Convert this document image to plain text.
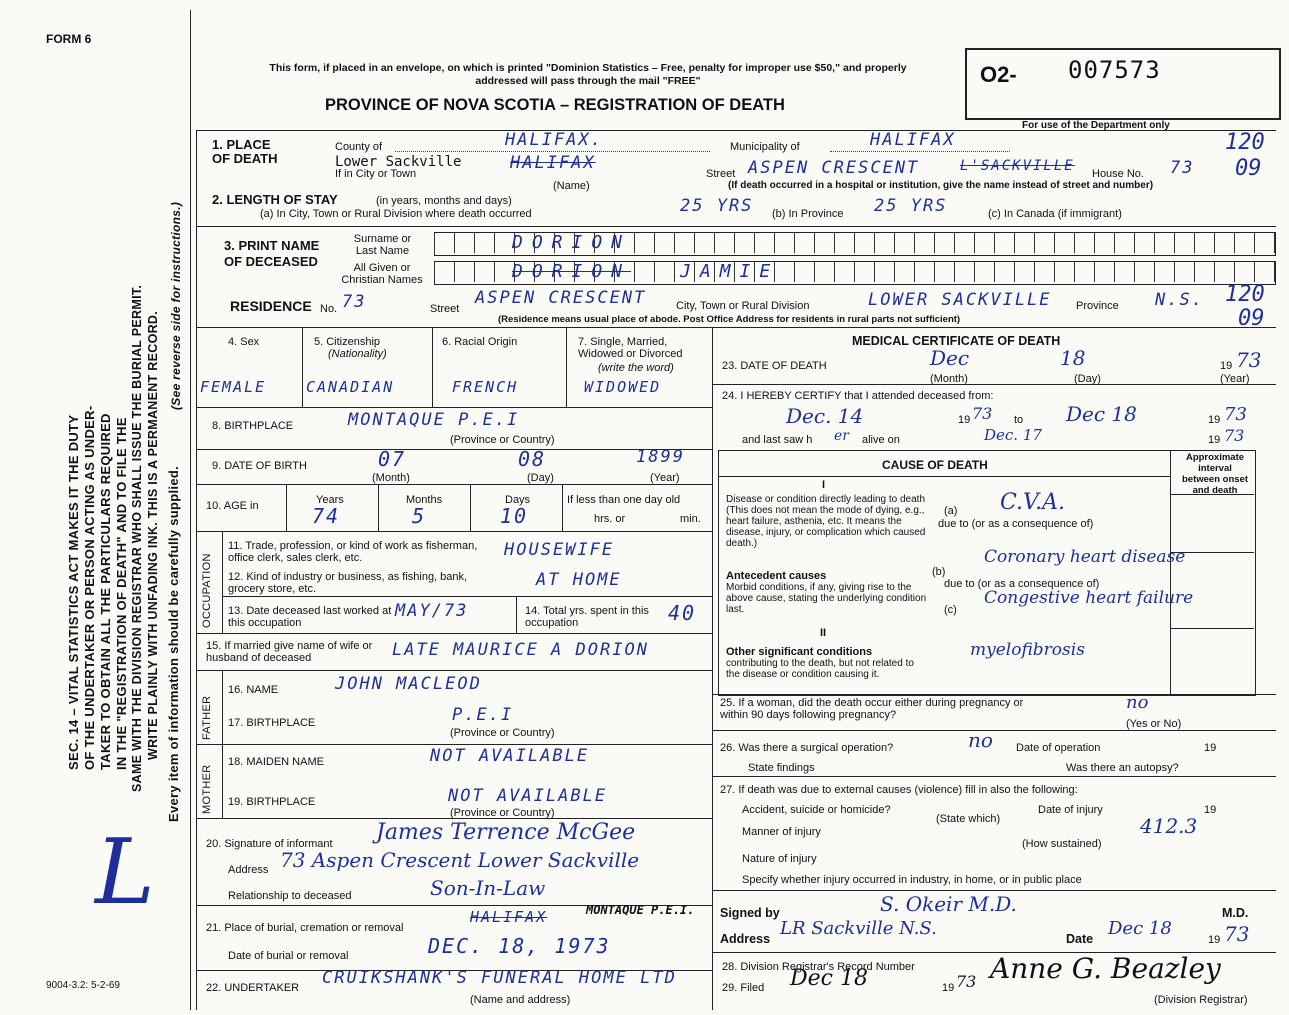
FORM 6
9004-3.2: 5-2-69
SEC. 14 – VITAL STATISTICS ACT MAKES IT THE DUTY OF THE UNDERTAKER OR PERSON ACTING AS UNDER- TAKER TO OBTAIN ALL THE PARTICULARS REQUIRED IN THE "REGISTRATION OF DEATH" AND TO FILE THE SAME WITH THE DIVISION REGISTRAR WHO SHALL ISSUE THE BURIAL PERMIT. WRITE PLAINLY WITH UNFADING INK. THIS IS A PERMANENT RECORD. Every item of information should be carefully supplied.
(See reverse side for instructions.)
L
This form, if placed in an envelope, on which is printed "Dominion Statistics – Free, penalty for improper use $50," and properly addressed will pass through the mail "FREE"
PROVINCE OF NOVA SCOTIA – REGISTRATION OF DEATH
O2- 007573
For use of the Department only
1. PLACE OF DEATH
County of
Lower Sackville
If in City or Town
(Name)
HALIFAX.
HALIFAX
Municipality of	HALIFAX
Street ASPEN CRESCENT	L'SACKVILLE House No. 73
(If death occurred in a hospital or institution, give the name instead of street and number)
120
09
2. LENGTH OF STAY	(in years, months and days)
(a) In City, Town or Rural Division where death occurred	25 YRS (b) In Province 25 YRS	(c) In Canada (if immigrant)
3. PRINT NAME OF DECEASED
Surname or Last Name
All Given or Christian Names
DORION
DORION	JAMIE
RESIDENCE No. 73	Street
ASPEN CRESCENT	City, Town or Rural Division	LOWER SACKVILLE Province N.S. 120
09
(Residence means usual place of abode. Post Office Address for residents in rural parts not sufficient)
4. Sex	5. Citizenship
(Nationality)
6. Racial Origin	7. Single, Married, Widowed or Divorced
(write the word)
FEMALE	CANADIAN	FRENCH	WIDOWED
8. BIRTHPLACE	MONTAQUE P.E.I
(Province or Country)
9. DATE OF BIRTH	07	08	1899
(Month)	(Day)	(Year)
10. AGE in	Years	Months	Days	If less than one day old
hrs. or	min.
74	5	10
OCCUPATION
11. Trade, profession, or kind of work as fisherman, office clerk, sales clerk, etc.	HOUSEWIFE
12. Kind of industry or business, as fishing, bank, grocery store, etc.	AT HOME
13. Date deceased last worked at this occupation
MAY/73	14. Total yrs. spent in this occupation	40
15. If married give name of wife or husband of deceased	LATE MAURICE A DORION
FATHER
MOTHER
16. NAME	JOHN MACLEOD
17. BIRTHPLACE	P.E.I
(Province or Country)
18. MAIDEN NAME	NOT AVAILABLE
19. BIRTHPLACE	NOT AVAILABLE
(Province or Country)
20. Signature of informant James Terrence McGee
Address 73 Aspen Crescent Lower Sackville
Relationship to deceased	Son-In-Law
21. Place of burial, cremation or removal
HALIFAX	MONTAQUE P.E.I.
Date of burial or removal	DEC. 18, 1973
22. UNDERTAKER CRUIKSHANK'S FUNERAL HOME LTD
(Name and address)
MEDICAL CERTIFICATE OF DEATH
23. DATE OF DEATH	Dec	18	19 73
(Month)	(Day)	(Year)
24. I HEREBY CERTIFY that I attended deceased from:
Dec. 14	19 73 to Dec 18	19 73
and last saw h er alive on	Dec. 17	19 73
CAUSE OF DEATH
Approximate interval between onset and death
I
Disease or condition directly leading to death (This does not mean the mode of dying, e.g., heart failure, asthenia, etc. It means the disease, injury, or complication which caused death.)
(a) C.V.A.
due to (or as a consequence of)
Antecedent causes
Morbid conditions, if any, giving rise to the above cause, stating the underlying condition last.
(b)
Coronary heart disease
due to (or as a consequence of)
(c)
Congestive heart failure
II
Other significant conditions
contributing to the death, but not related to the disease or condition causing it.
myelofibrosis
25. If a woman, did the death occur either during pregnancy or within 90 days following pregnancy?
no
(Yes or No)
26. Was there a surgical operation?	no Date of operation	19
State findings	Was there an autopsy?
27. If death was due to external causes (violence) fill in also the following:
Accident, suicide or homicide?	Date of injury	19
(State which)
Manner of injury	412.3
(How sustained)
Nature of injury
Specify whether injury occurred in industry, in home, or in public place
Signed by	S. Okeir M.D.	M.D.
Address LR Sackville N.S.	Date Dec 18
19 73
28. Division Registrar's Record Number
29. Filed Dec 18	19 73 Anne G. Beazley
(Division Registrar)
